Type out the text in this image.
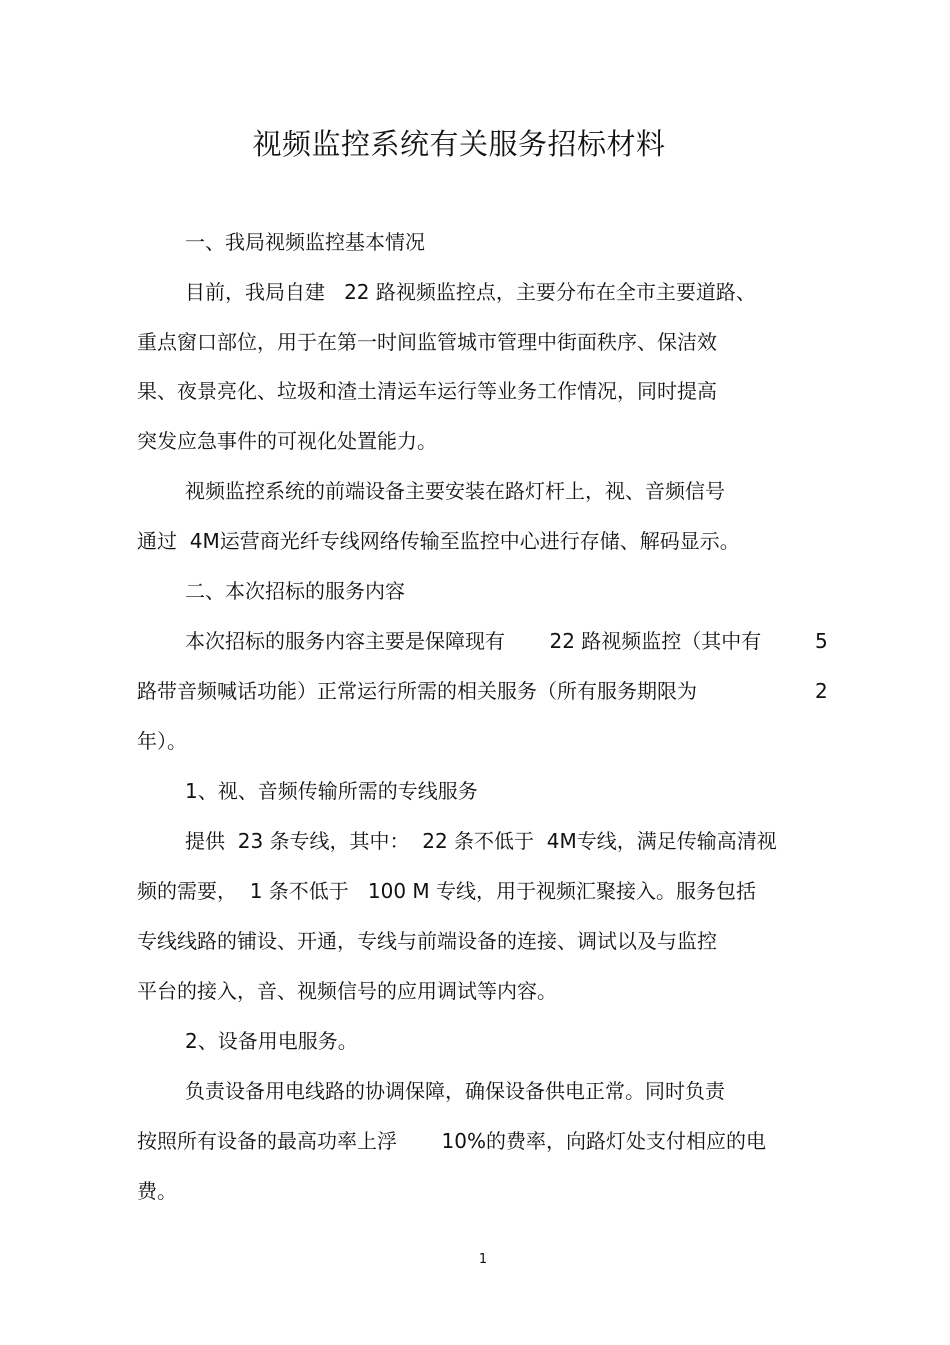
视频监控系统有关服务招标材料

一、我局视频监控基本情况

目前，我局自建   22 路视频监控点，主要分布在全市主要道路、

重点窗口部位，用于在第一时间监管城市管理中街面秩序、保洁效

果、夜景亮化、垃圾和渣土清运车运行等业务工作情况，同时提高

突发应急事件的可视化处置能力。

视频监控系统的前端设备主要安装在路灯杆上，视、音频信号

通过  4M运营商光纤专线网络传输至监控中心进行存储、解码显示。

二、本次招标的服务内容

本次招标的服务内容主要是保障现有       22 路视频监控（其中有	5

路带音频喊话功能）正常运行所需的相关服务（所有服务期限为	2

年）。

1、视、音频传输所需的专线服务

提供  23 条专线，其中：  22 条不低于  4M专线，满足传输高清视

频的需要，  1 条不低于   100 M 专线，用于视频汇聚接入。服务包括

专线线路的铺设、开通，专线与前端设备的连接、调试以及与监控

平台的接入，音、视频信号的应用调试等内容。

2、设备用电服务。

负责设备用电线路的协调保障，确保设备供电正常。同时负责

按照所有设备的最高功率上浮       10%的费率，向路灯处支付相应的电

费。

1
